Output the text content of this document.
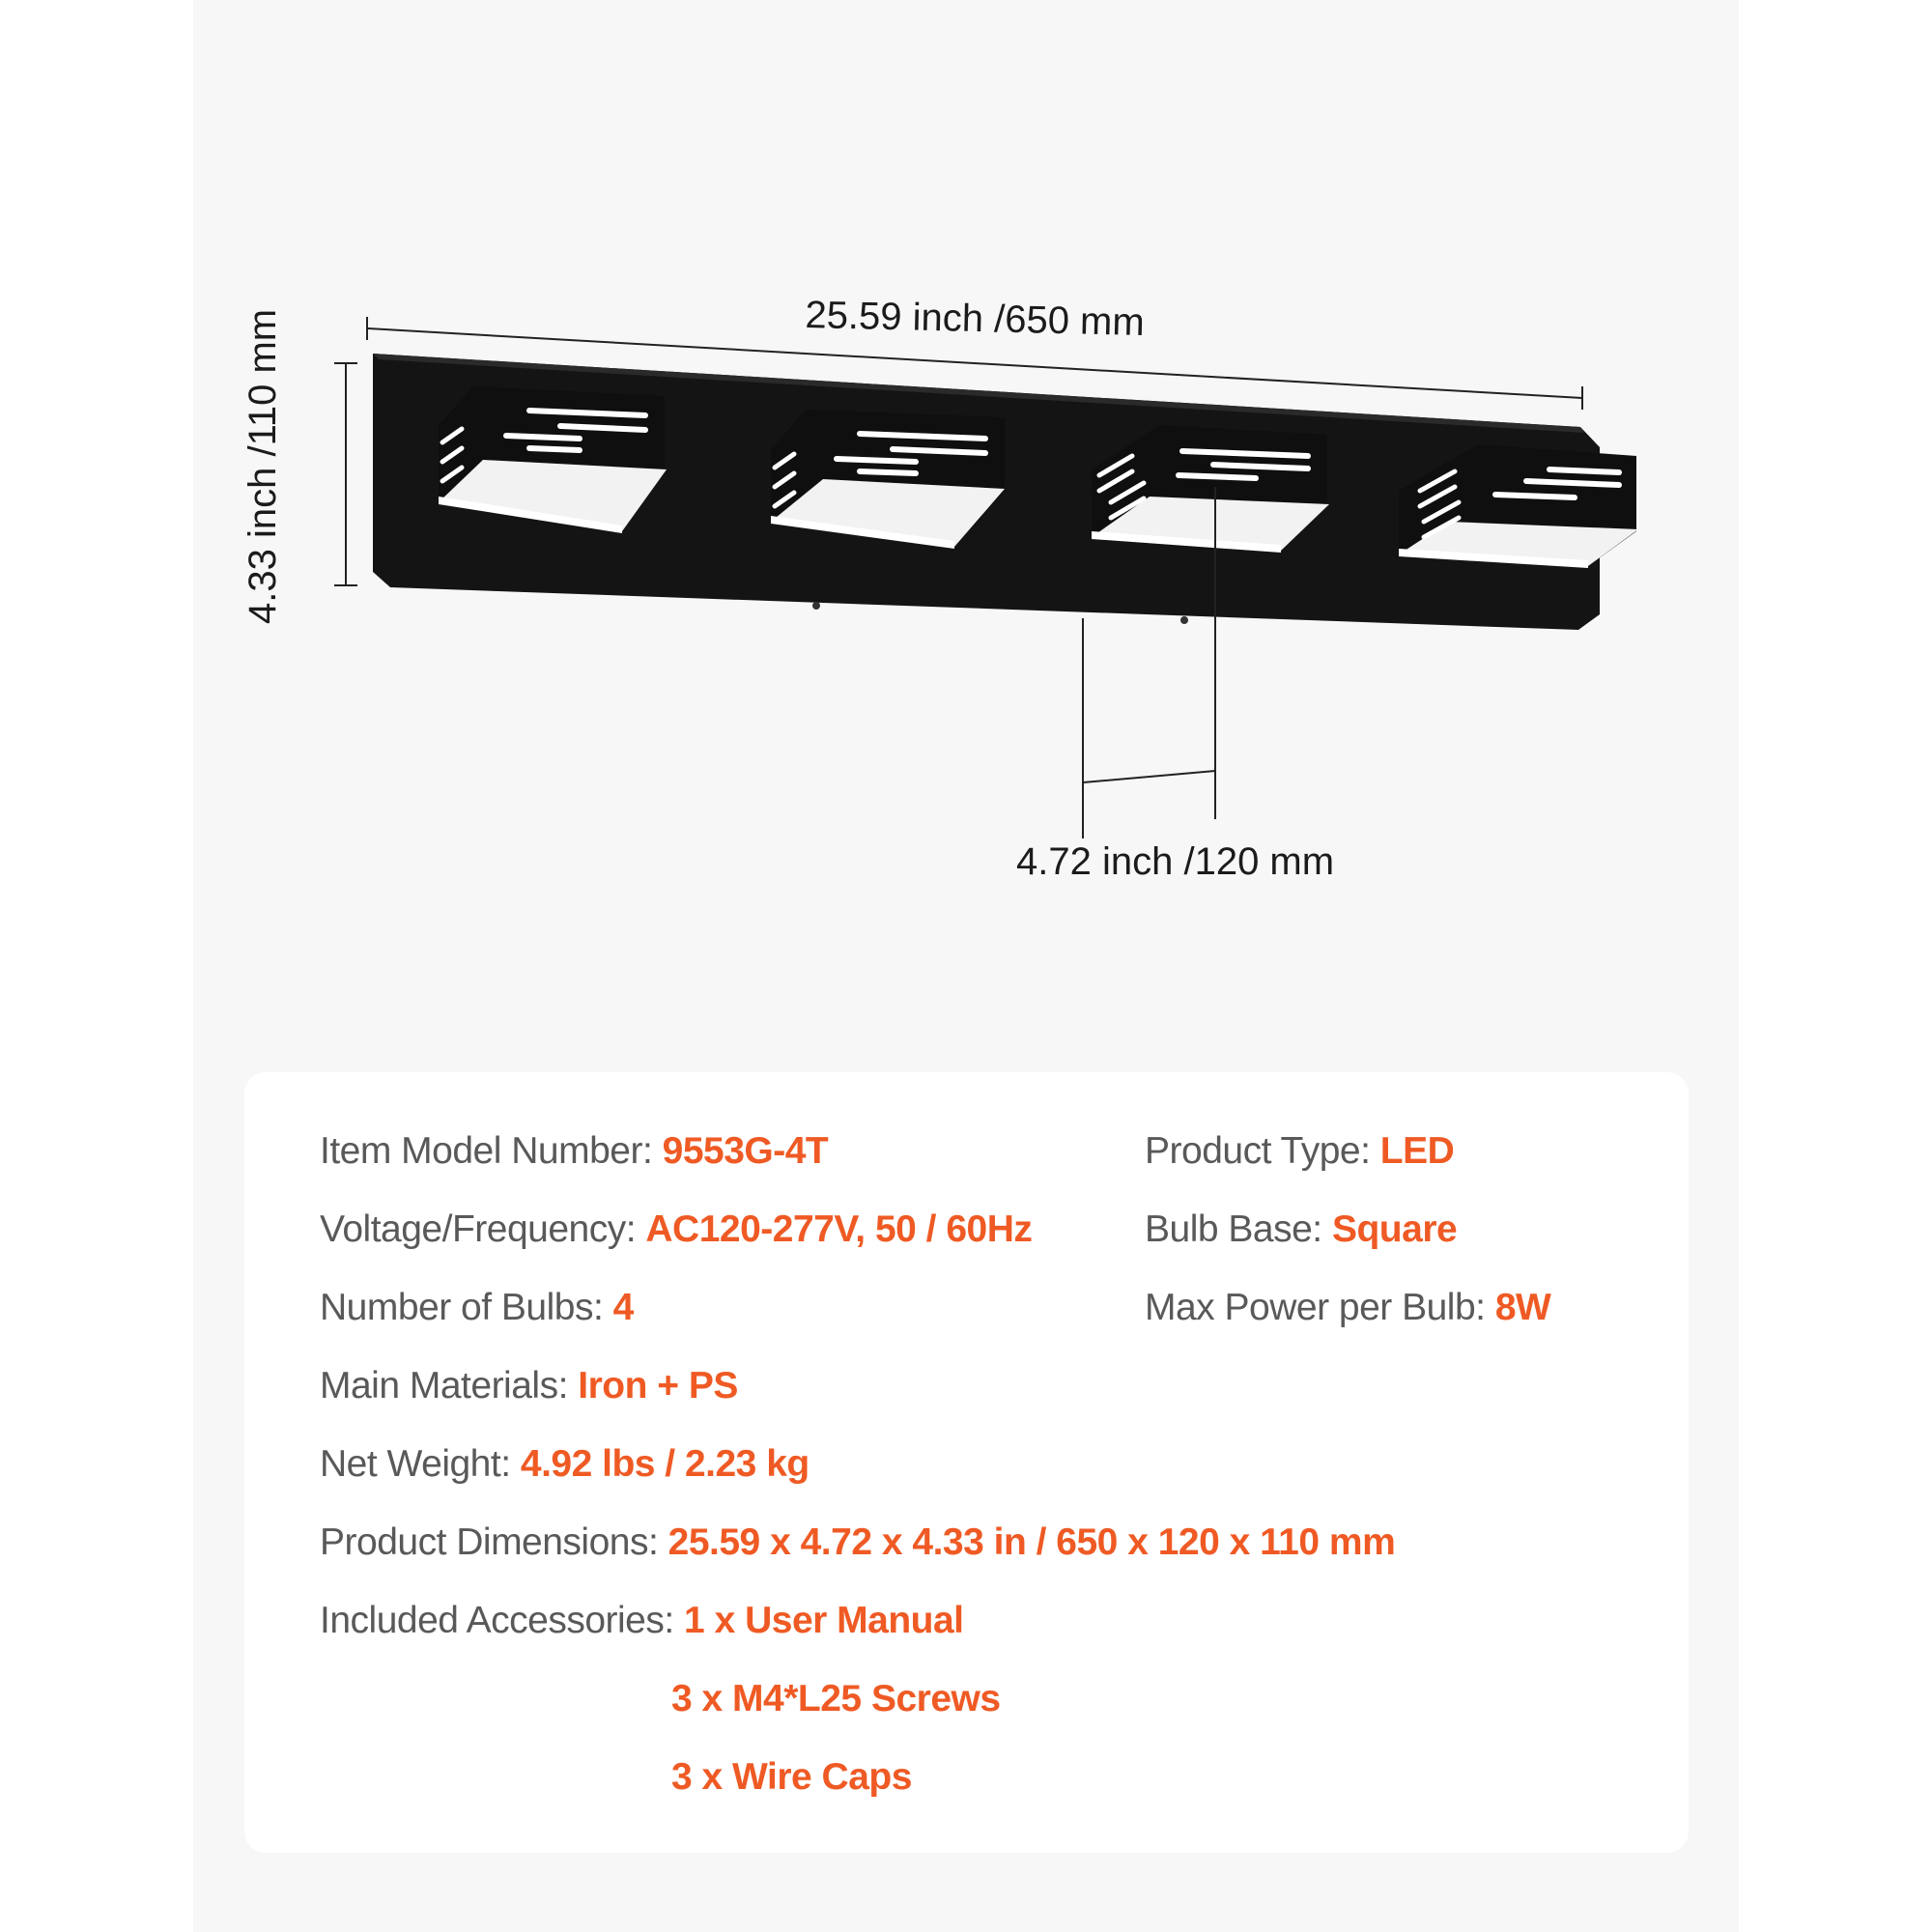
25.59 inch /650 mm
4.33 inch /110 mm
4.72 inch /120 mm
Item Model Number: 9553G-4T	Product Type: LED
Voltage/Frequency: AC120-277V, 50 / 60Hz	Bulb Base: Square
Number of Bulbs: 4	Max Power per Bulb: 8W
Main Materials: Iron + PS
Net Weight: 4.92 lbs / 2.23 kg
Product Dimensions: 25.59 x 4.72 x 4.33 in / 650 x 120 x 110 mm
Included Accessories: 1 x User Manual
3 x M4*L25 Screws
3 x Wire Caps
